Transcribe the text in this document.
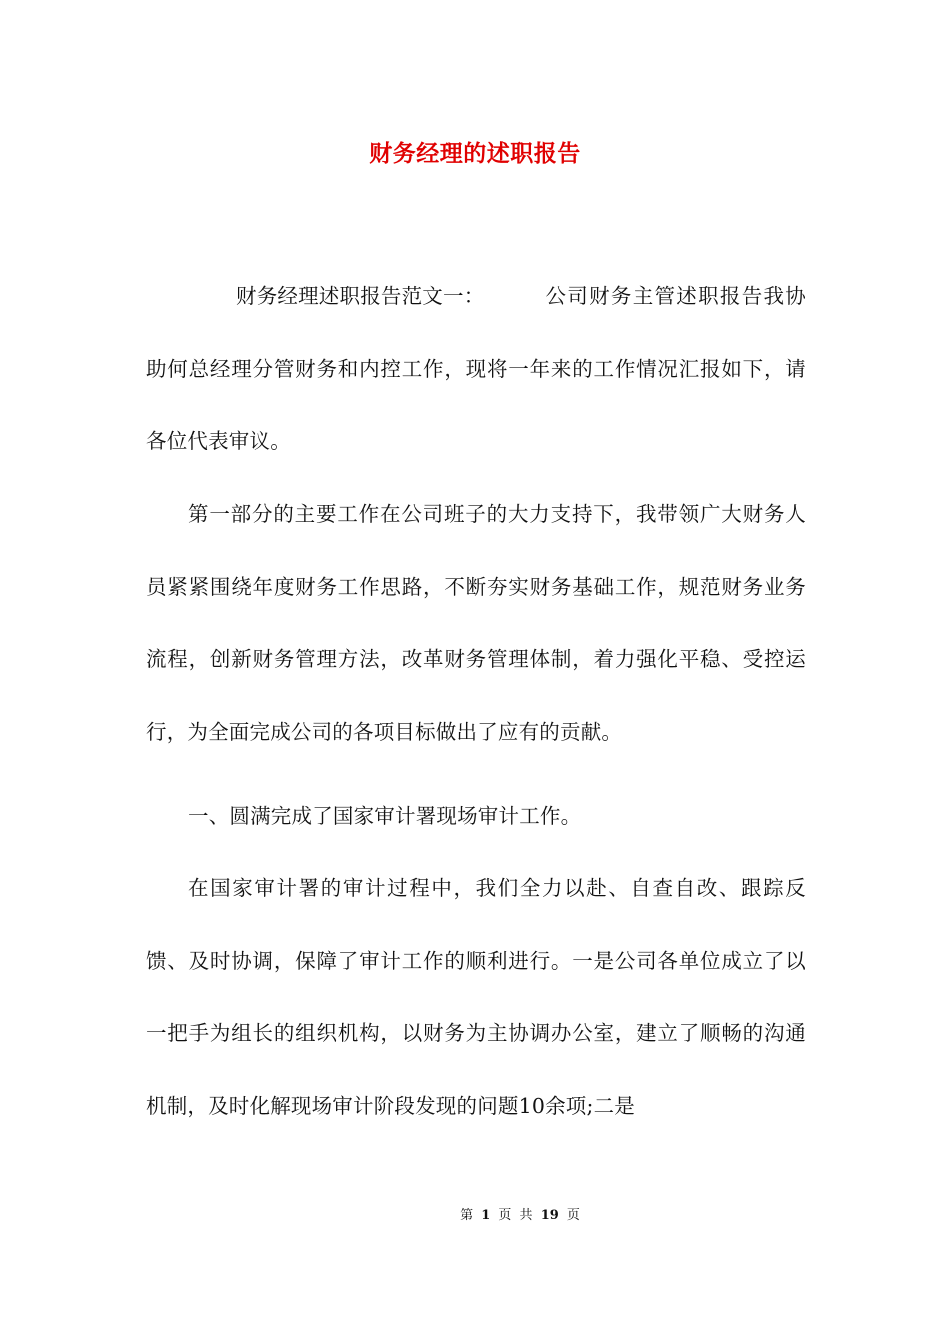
财务经理的述职报告

财务经理述职报告范文一：	公司财务主管述职报告我协助何总经理分管财务和内控工作，现将一年来的工作情况汇报如下，请各位代表审议。

第一部分的主要工作在公司班子的大力支持下，我带领广大财务人员紧紧围绕年度财务工作思路，不断夯实财务基础工作，规范财务业务流程，创新财务管理方法，改革财务管理体制，着力强化平稳、受控运行，为全面完成公司的各项目标做出了应有的贡献。

一、圆满完成了国家审计署现场审计工作。

在国家审计署的审计过程中，我们全力以赴、自查自改、跟踪反馈、及时协调，保障了审计工作的顺利进行。一是公司各单位成立了以一把手为组长的组织机构，以财务为主协调办公室，建立了顺畅的沟通机制，及时化解现场审计阶段发现的问题10余项;二是

第 1 页 共 19 页
